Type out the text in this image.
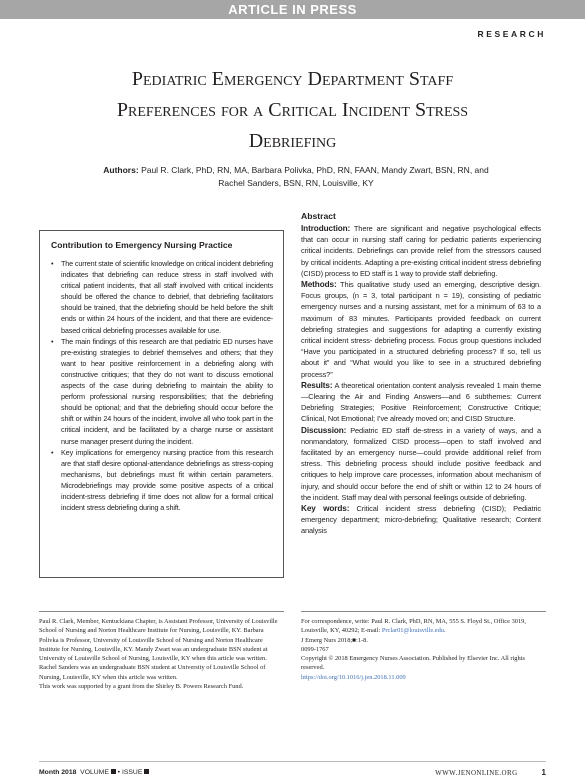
ARTICLE IN PRESS
RESEARCH
Pediatric Emergency Department Staff
Preferences for a Critical Incident Stress
Debriefing
Authors: Paul R. Clark, PhD, RN, MA, Barbara Polivka, PhD, RN, FAAN, Mandy Zwart, BSN, RN, and
Rachel Sanders, BSN, RN, Louisville, KY
Contribution to Emergency Nursing Practice
• The current state of scientific knowledge on critical incident debriefing indicates that debriefing can reduce stress in staff involved with critical patient incidents, that all staff involved with critical incidents should be offered the chance to debrief, that debriefing facilitators should be trained, that the debriefing should be held before the shift ends or within 24 hours of the incident, and that there are evidence-based critical debriefing processes available for use.
• The main findings of this research are that pediatric ED nurses have pre-existing strategies to debrief themselves and others; that they want to hear positive reinforcement in a debriefing along with constructive critiques; that they do not want to discuss emotional aspects of the case during debriefing to maintain the ability to perform professional nursing responsibilities; that the debriefing should be optional; and that the debriefing should occur before the shift or within 24 hours of the incident, involve all who took part in the critical incident, and be facilitated by a charge nurse or assistant nurse manager present during the incident.
• Key implications for emergency nursing practice from this research are that staff desire optional-attendance debriefings as stress-coping mechanisms, but debriefings must fit within certain parameters. Microdebriefings may provide some positive aspects of a critical incident-stress debriefing if time does not allow for a formal critical incident stress debriefing during a shift.
Abstract

Introduction: There are significant and negative psychological effects that can occur in nursing staff caring for pediatric patients experiencing critical incidents. Debriefings can provide relief from the stressors caused by critical incidents. Adapting a pre-existing critical incident stress debriefing (CISD) process to ED staff is 1 way to provide staff debriefing.

Methods: This qualitative study used an emerging, descriptive design. Focus groups, (n = 3, total participant n = 19), consisting of pediatric emergency nurses and a nursing assistant, met for a minimum of 63 to a maximum of 83 minutes. Participants provided feedback on current debriefing strategies and suggestions for adapting a currently existing critical incident stress- debriefing process. Focus group questions included “Have you participated in a structured debriefing process? If so, tell us about it” and “What would you like to see in a structured debriefing process?”

Results: A theoretical orientation content analysis revealed 1 main theme—Clearing the Air and Finding Answers—and 6 subthemes: Current Debriefing Strategies; Positive Reinforcement; Constructive Critique; Clinical, Not Emotional; I’ve already moved on; and CISD Structure.

Discussion: Pediatric ED staff de-stress in a variety of ways, and a nonmandatory, formalized CISD process—open to staff involved and facilitated by an emergency nurse—could provide additional relief from stress. This debriefing process should include positive feedback and critiques to help improve care processes, information about mechanism of injury, and should occur before the end of shift or within 12 to 24 hours of the incident. Staff may deal with personal feelings outside of debriefing.

Key words: Critical incident stress debriefing (CISD); Pediatric emergency department; micro-debriefing; Qualitative research; Content analysis

Paul R. Clark, Member, Kentuckiana Chapter, is Assistant Professor, University of Louisville School of Nursing and Norton Healthcare Institute for Nursing, Louisville, KY. Barbara Polivka is Professor, University of Louisville School of Nursing and Norton Healthcare Institute for Nursing, Louisville, KY. Mandy Zwart was an undergraduate BSN student at University of Louisville School of Nursing, Louisville, KY when this article was written. Rachel Sanders was an undergraduate BSN student at University of Louisville School of Nursing, Louisville, KY when this article was written.

This work was supported by a grant from the Shirley B. Powers Research Fund.

For correspondence, write: Paul R. Clark, PhD, RN, MA, 555 S. Floyd St., Office 3019, Louisville, KY, 40292; E-mail: Prclar01@louisville.edu.

J Emerg Nurs 2018;■:1-8.

0099-1767

Copyright © 2018 Emergency Nurses Association. Published by Elsevier Inc. All rights reserved.

https://doi.org/10.1016/j.jen.2018.11.009

Month 2018 VOLUME  • ISSUE	WWW.JENONLINE.ORG	1
